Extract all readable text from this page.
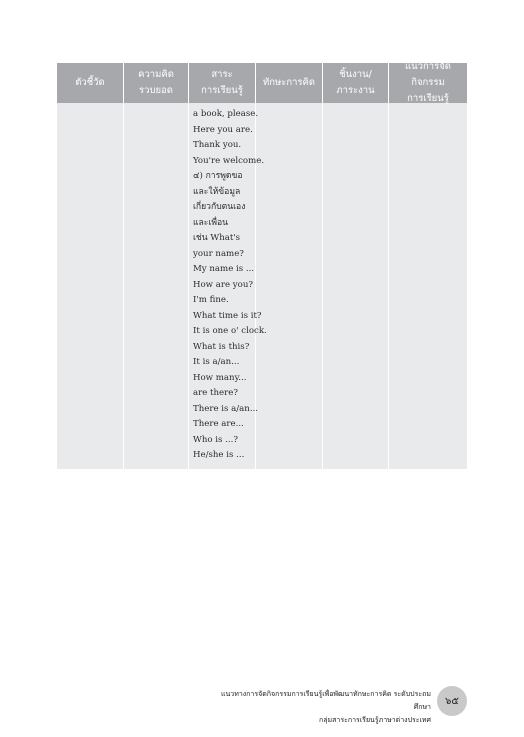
ตัวชี้วัด
ความคิด
รวบยอด
สาระ
การเรียนรู้
ทักษะการคิด
ชิ้นงาน/
ภาระงาน
แนวการจัดกิจกรรม
การเรียนรู้
a book, please.
Here you are.
Thank you.
You're welcome.
๔) การพูดขอ
และให้ข้อมูล
เกี่ยวกับตนเอง
และเพื่อน
เช่น What's
your name?
My name is ...
How are you?
I'm fine.
What time is it?
It is one o' clock.
What is this?
It is a/an...
How many...
are there?
There is a/an...
There are...
Who is ...?
He/she is ...
แนวทางการจัดกิจกรรมการเรียนรู้เพื่อพัฒนาทักษะการคิด ระดับประถมศึกษา
กลุ่มสาระการเรียนรู้ภาษาต่างประเทศ
๖๕
